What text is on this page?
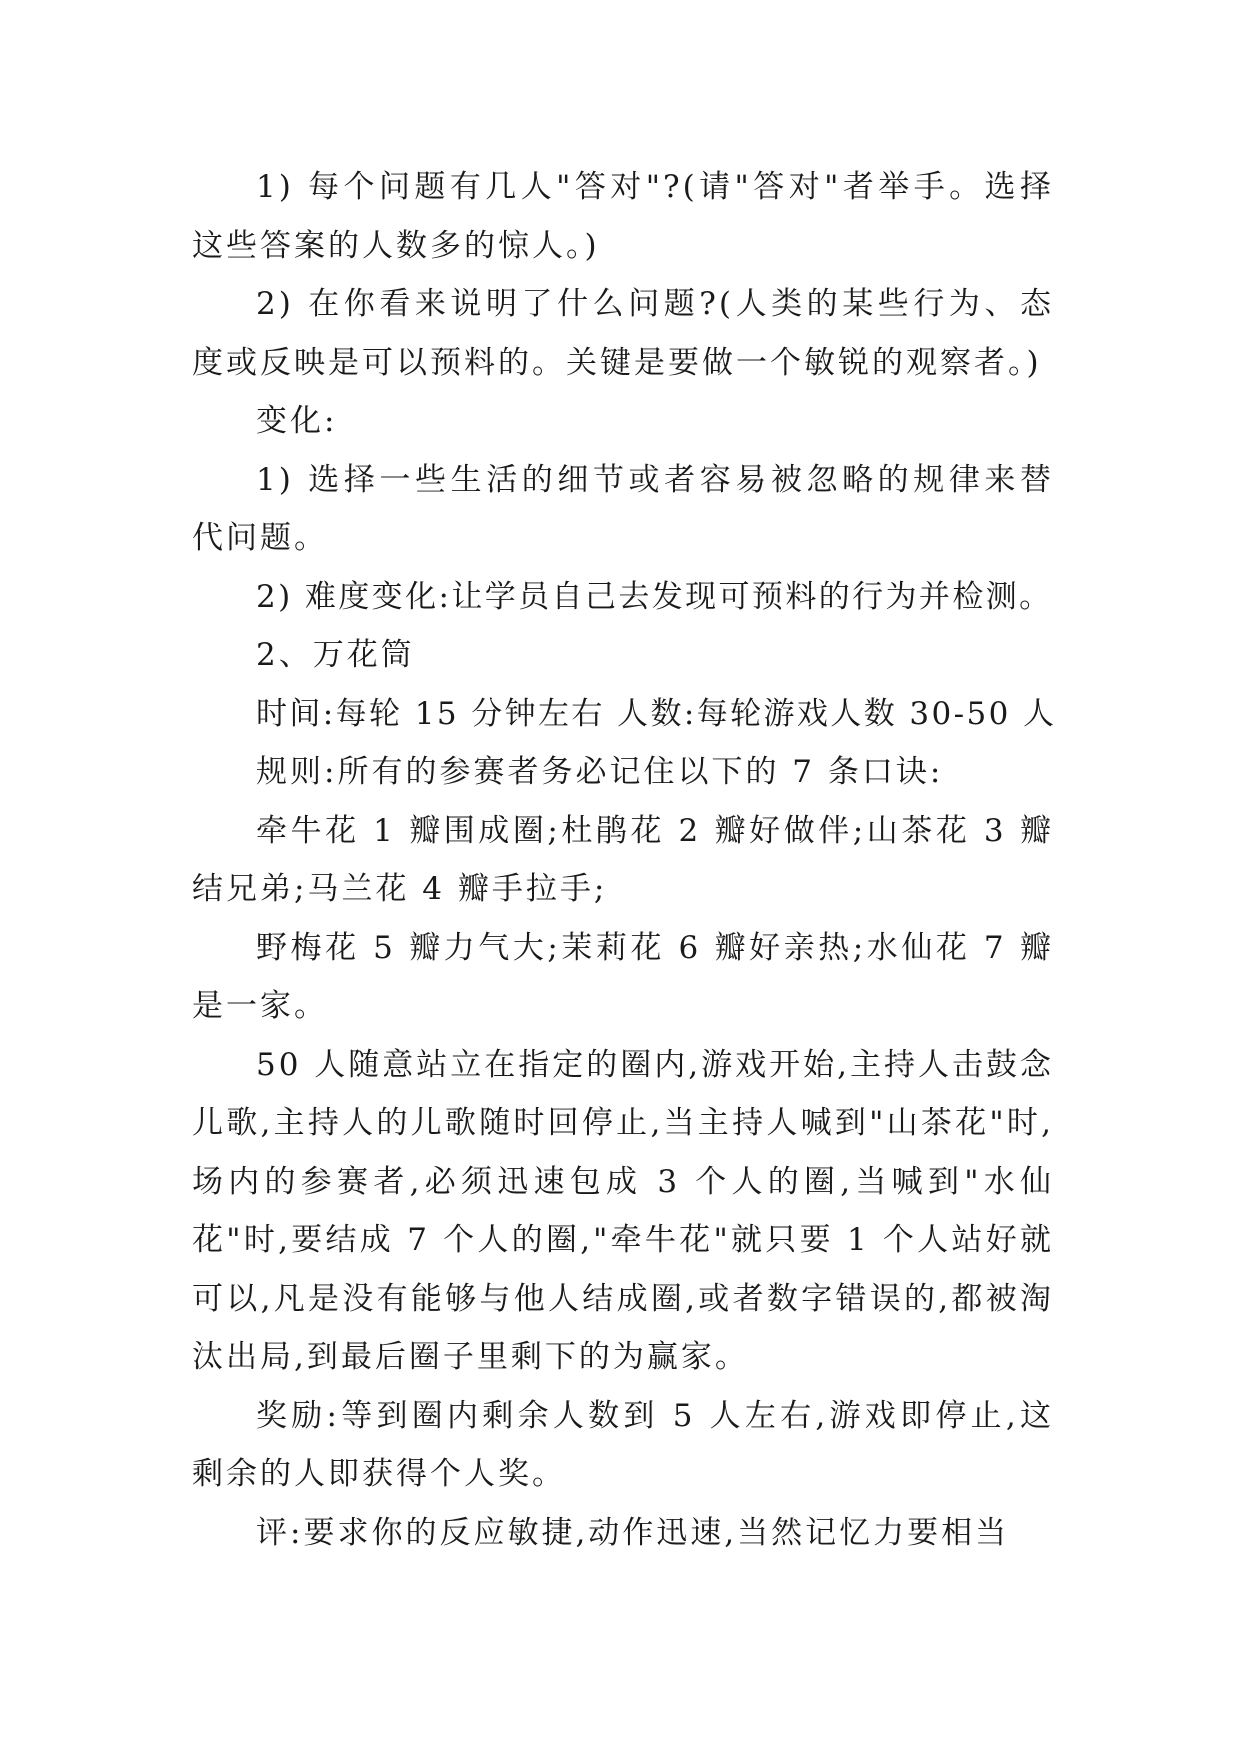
1) 每个问题有几人"答对"?(请"答对"者举手。选择这些答案的人数多的惊人。)

2) 在你看来说明了什么问题?(人类的某些行为、态度或反映是可以预料的。关键是要做一个敏锐的观察者。)

变化:

1) 选择一些生活的细节或者容易被忽略的规律来替代问题。

2) 难度变化:让学员自己去发现可预料的行为并检测。

2、万花筒

时间:每轮 15 分钟左右 人数:每轮游戏人数 30-50 人

规则:所有的参赛者务必记住以下的 7 条口诀:

牵牛花 1 瓣围成圈;杜鹃花 2 瓣好做伴;山茶花 3 瓣结兄弟;马兰花 4 瓣手拉手;

野梅花 5 瓣力气大;茉莉花 6 瓣好亲热;水仙花 7 瓣是一家。

50 人随意站立在指定的圈内,游戏开始,主持人击鼓念儿歌,主持人的儿歌随时回停止,当主持人喊到"山茶花"时,场内的参赛者,必须迅速包成 3 个人的圈,当喊到"水仙花"时,要结成 7 个人的圈,"牵牛花"就只要 1 个人站好就可以,凡是没有能够与他人结成圈,或者数字错误的,都被淘汰出局,到最后圈子里剩下的为赢家。

奖励:等到圈内剩余人数到 5 人左右,游戏即停止,这剩余的人即获得个人奖。

评:要求你的反应敏捷,动作迅速,当然记忆力要相当
